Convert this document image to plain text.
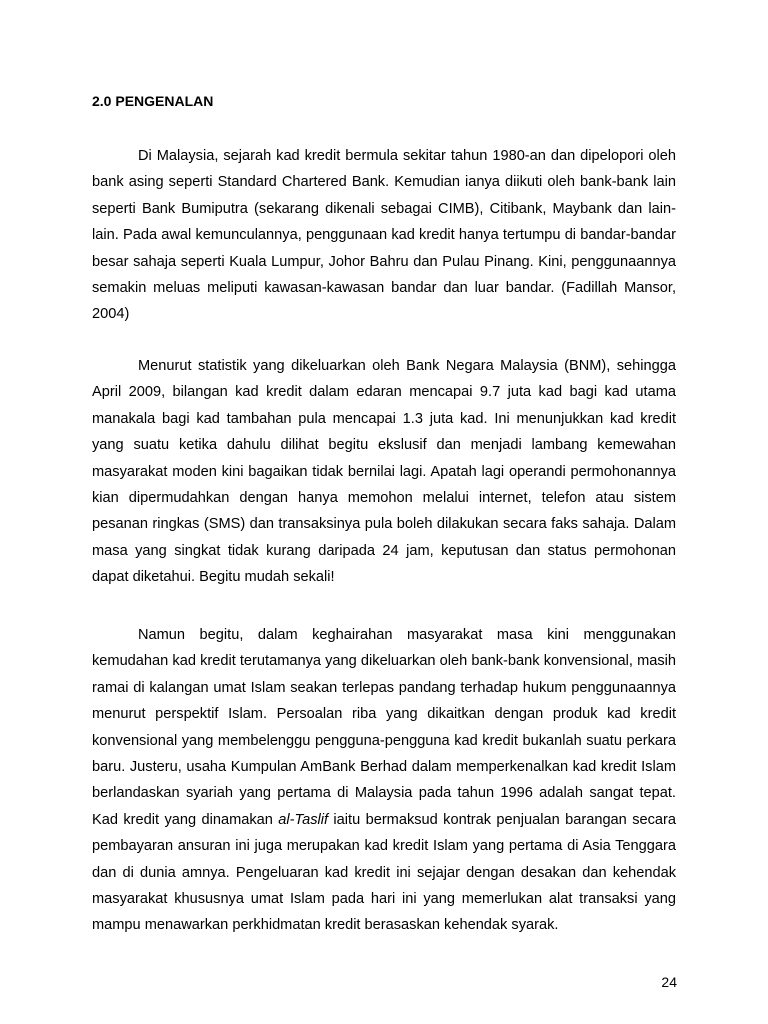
2.0 PENGENALAN

Di Malaysia, sejarah kad kredit bermula sekitar tahun 1980-an dan dipelopori oleh bank asing seperti Standard Chartered Bank. Kemudian ianya diikuti oleh bank-bank lain seperti Bank Bumiputra (sekarang dikenali sebagai CIMB), Citibank, Maybank dan lain-lain. Pada awal kemunculannya, penggunaan kad kredit hanya tertumpu di bandar-bandar besar sahaja seperti Kuala Lumpur, Johor Bahru dan Pulau Pinang. Kini, penggunaannya semakin meluas meliputi kawasan-kawasan bandar dan luar bandar. (Fadillah Mansor, 2004)

Menurut statistik yang dikeluarkan oleh Bank Negara Malaysia (BNM), sehingga April 2009, bilangan kad kredit dalam edaran mencapai 9.7 juta kad bagi kad utama manakala bagi kad tambahan pula mencapai 1.3 juta kad. Ini menunjukkan kad kredit yang suatu ketika dahulu dilihat begitu ekslusif dan menjadi lambang kemewahan masyarakat moden kini bagaikan tidak bernilai lagi. Apatah lagi operandi permohonannya kian dipermudahkan dengan hanya memohon melalui internet, telefon atau sistem pesanan ringkas (SMS) dan transaksinya pula boleh dilakukan secara faks sahaja. Dalam masa yang singkat tidak kurang daripada 24 jam, keputusan dan status permohonan dapat diketahui. Begitu mudah sekali!

Namun begitu, dalam keghairahan masyarakat masa kini menggunakan kemudahan kad kredit terutamanya yang dikeluarkan oleh bank-bank konvensional, masih ramai di kalangan umat Islam seakan terlepas pandang terhadap hukum penggunaannya menurut perspektif Islam. Persoalan riba yang dikaitkan dengan produk kad kredit konvensional yang membelenggu pengguna-pengguna kad kredit bukanlah suatu perkara baru. Justeru, usaha Kumpulan AmBank Berhad dalam memperkenalkan kad kredit Islam berlandaskan syariah yang pertama di Malaysia pada tahun 1996 adalah sangat tepat. Kad kredit yang dinamakan al-Taslif iaitu bermaksud kontrak penjualan barangan secara pembayaran ansuran ini juga merupakan kad kredit Islam yang pertama di Asia Tenggara dan di dunia amnya. Pengeluaran kad kredit ini sejajar dengan desakan dan kehendak masyarakat khususnya umat Islam pada hari ini yang memerlukan alat transaksi yang mampu menawarkan perkhidmatan kredit berasaskan kehendak syarak.

24
